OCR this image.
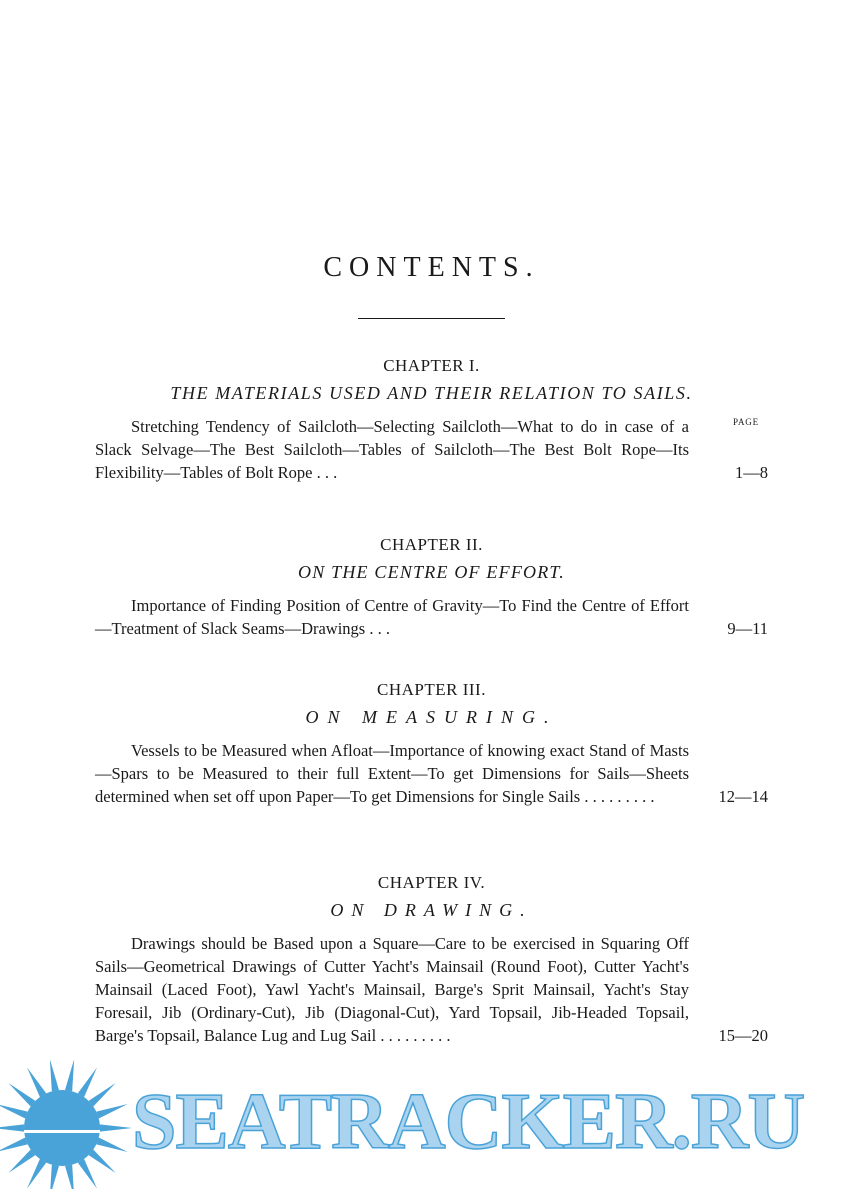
CONTENTS.
CHAPTER I.
THE MATERIALS USED AND THEIR RELATION TO SAILS.
PAGE

Stretching Tendency of Sailcloth—Selecting Sailcloth—What to do in case of a Slack Selvage—The Best Sailcloth—Tables of Sailcloth—The Best Bolt Rope—Its Flexibility—Tables of Bolt Rope . . .	1—8
CHAPTER II.
ON THE CENTRE OF EFFORT.

Importance of Finding Position of Centre of Gravity—To Find the Centre of Effort—Treatment of Slack Seams—Drawings . . .	9—11
CHAPTER III.
ON MEASURING.

Vessels to be Measured when Afloat—Importance of knowing exact Stand of Masts—Spars to be Measured to their full Extent—To get Dimensions for Sails—Sheets determined when set off upon Paper—To get Dimensions for Single Sails . . . . . . . . .	12—14
CHAPTER IV.
ON DRAWING.

Drawings should be Based upon a Square—Care to be exercised in Squaring Off Sails—Geometrical Drawings of Cutter Yacht's Mainsail (Round Foot), Cutter Yacht's Mainsail (Laced Foot), Yawl Yacht's Mainsail, Barge's Sprit Mainsail, Yacht's Stay Foresail, Jib (Ordinary-Cut), Jib (Diagonal-Cut), Yard Topsail, Jib-Headed Topsail, Barge's Topsail, Balance Lug and Lug Sail . . . . . . . . .	15—20
SEATRACKER.RU
